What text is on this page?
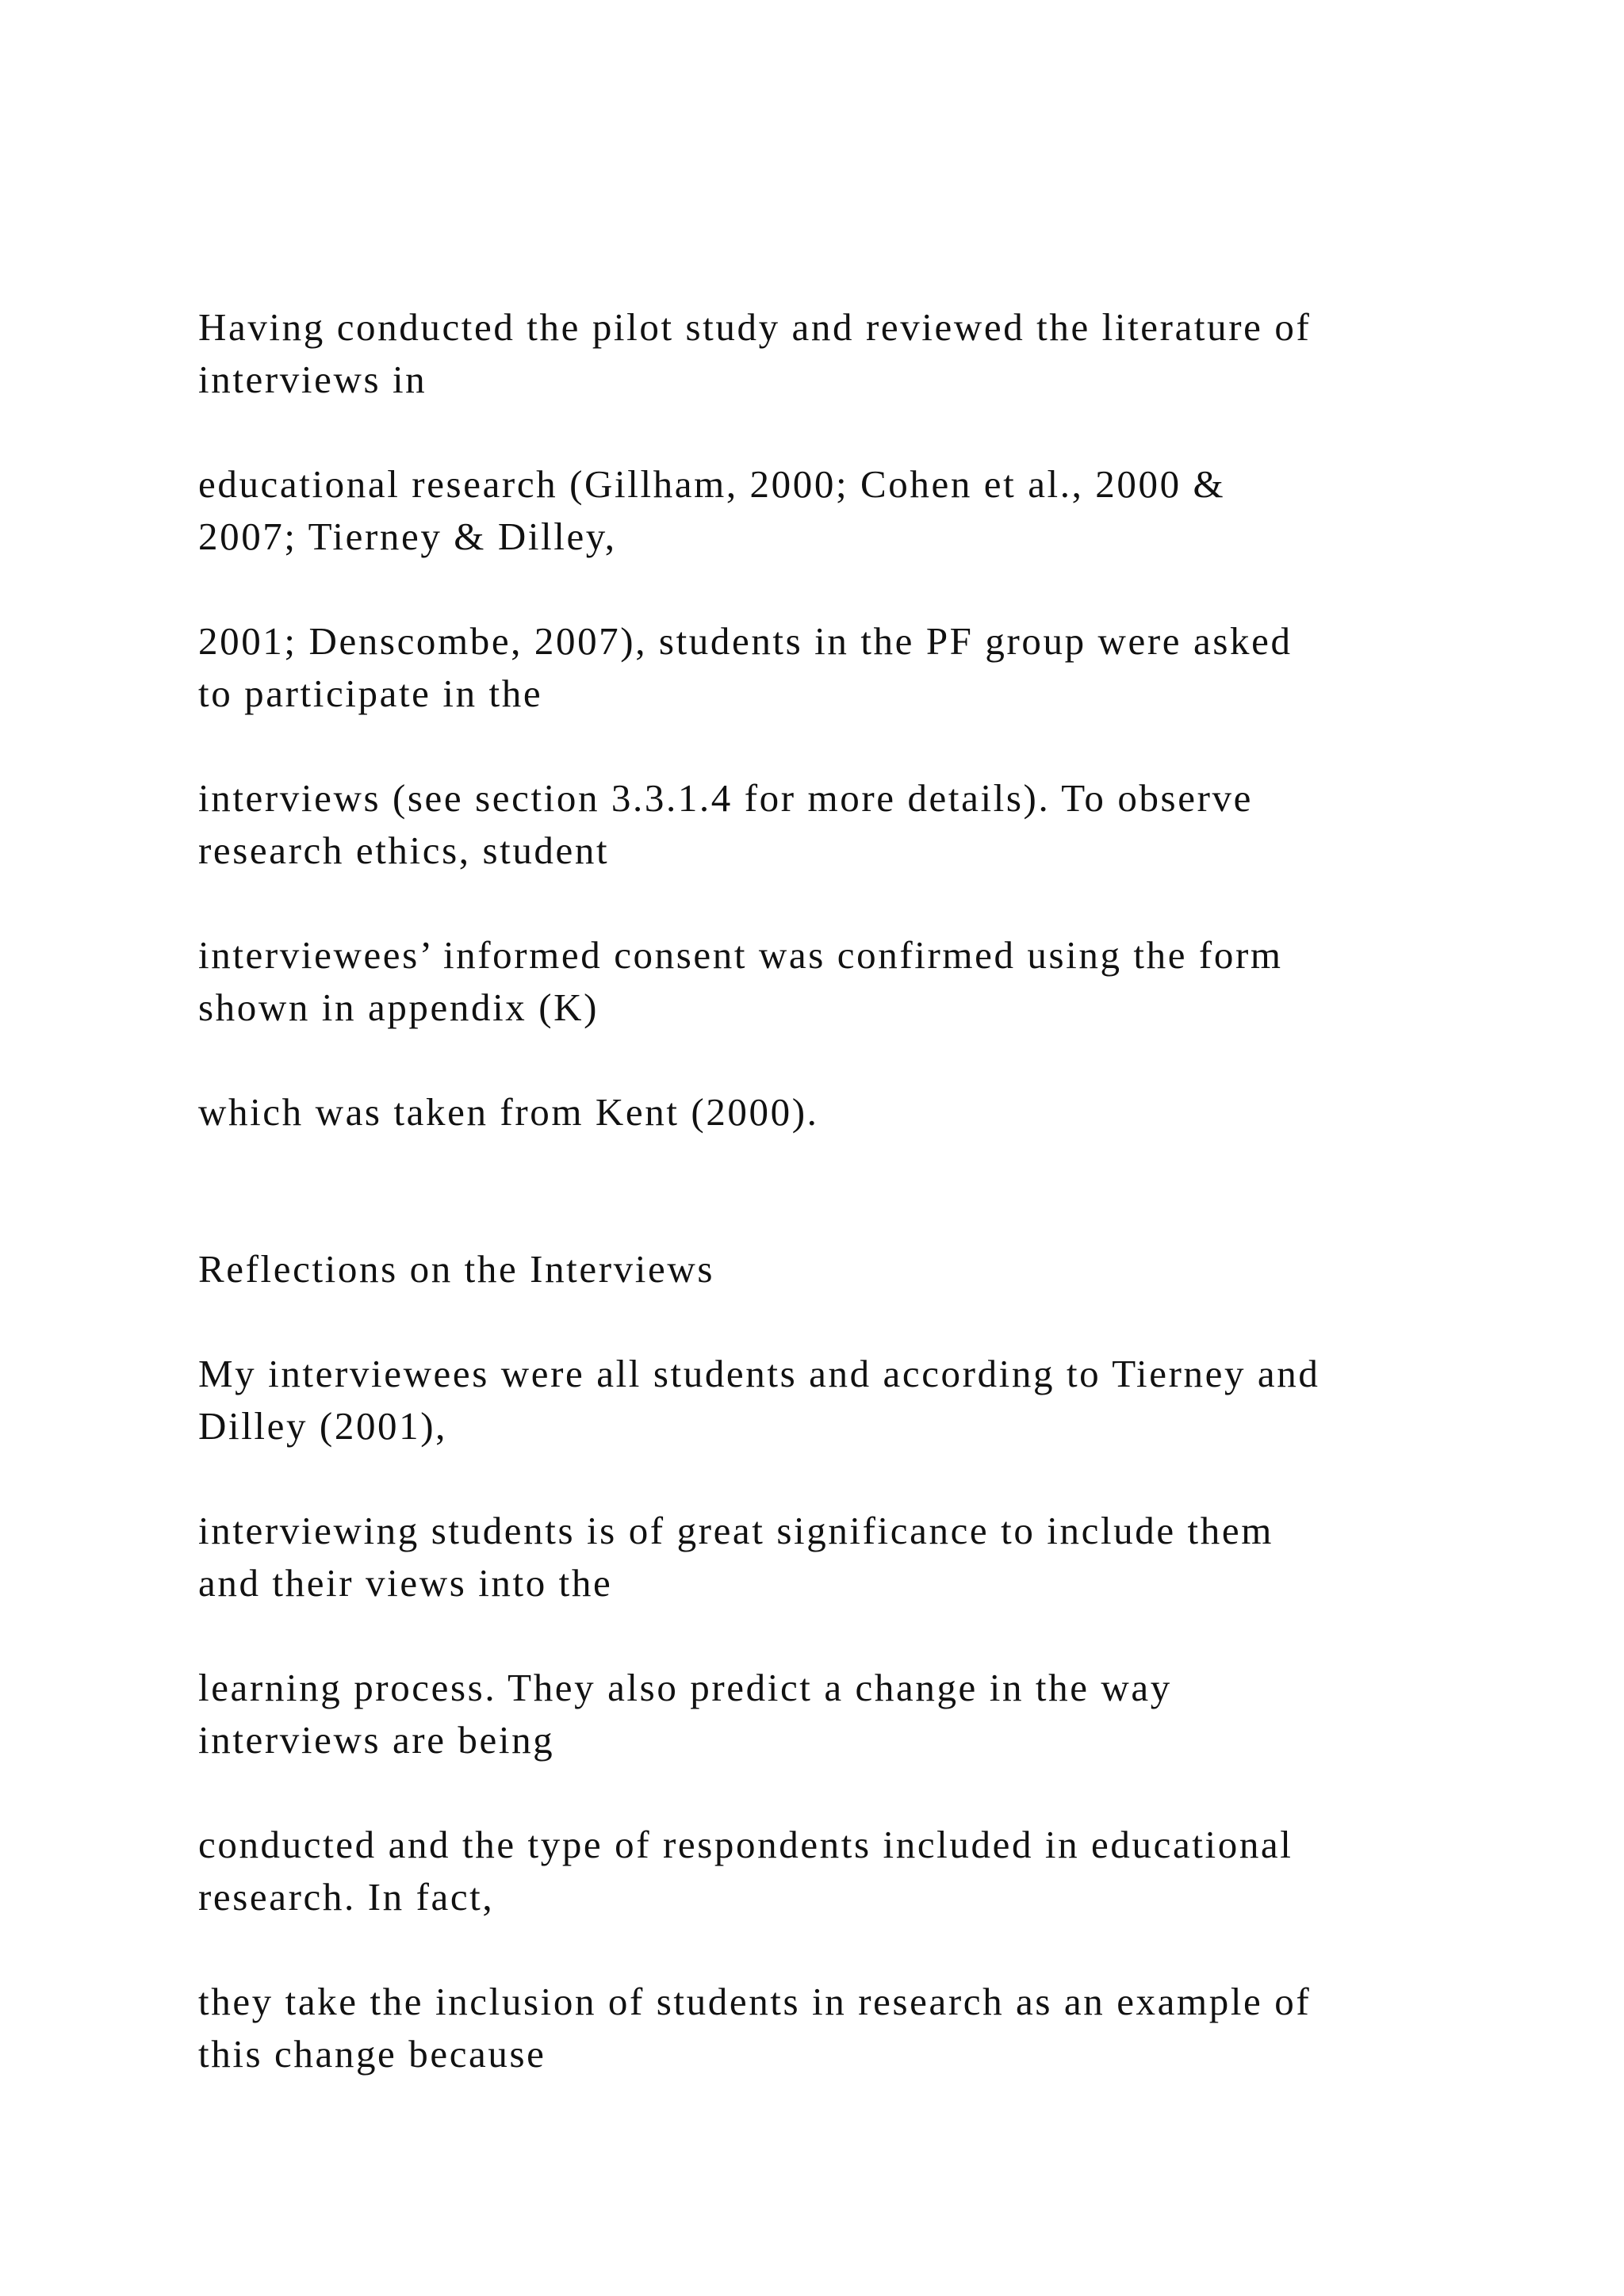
Having conducted the pilot study and reviewed the literature of
interviews in

educational research (Gillham, 2000; Cohen et al., 2000 &
2007; Tierney & Dilley,

2001; Denscombe, 2007), students in the PF group were asked
to participate in the

interviews (see section 3.3.1.4 for more details). To observe
research ethics, student

interviewees’ informed consent was confirmed using the form
shown in appendix (K)

which was taken from Kent (2000).

Reflections on the Interviews

My interviewees were all students and according to Tierney and
Dilley (2001),

interviewing students is of great significance to include them
and their views into the

learning process. They also predict a change in the way
interviews are being

conducted and the type of respondents included in educational
research. In fact,

they take the inclusion of students in research as an example of
this change because
